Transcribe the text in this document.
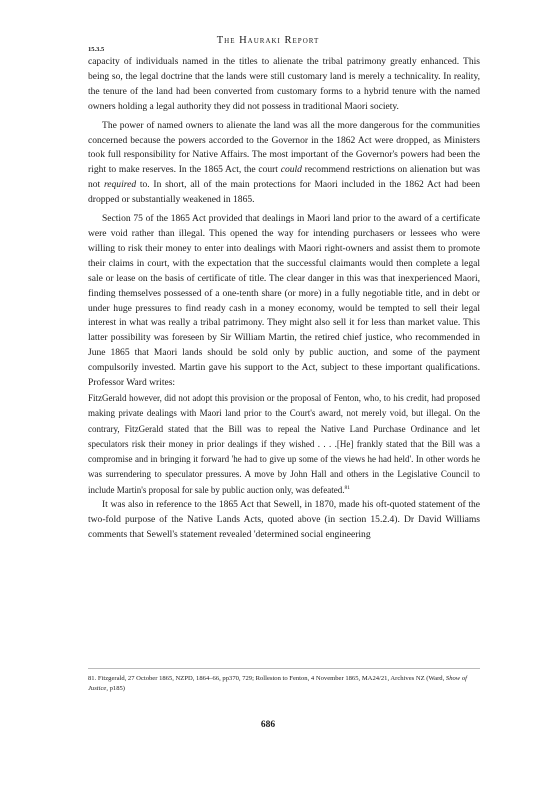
The Hauraki Report
15.3.5

capacity of individuals named in the titles to alienate the tribal patrimony greatly enhanced. This being so, the legal doctrine that the lands were still customary land is merely a technicality. In reality, the tenure of the land had been converted from customary forms to a hybrid tenure with the named owners holding a legal authority they did not possess in traditional Maori society.

The power of named owners to alienate the land was all the more dangerous for the communities concerned because the powers accorded to the Governor in the 1862 Act were dropped, as Ministers took full responsibility for Native Affairs. The most important of the Governor's powers had been the right to make reserves. In the 1865 Act, the court could recommend restrictions on alienation but was not required to. In short, all of the main protections for Maori included in the 1862 Act had been dropped or substantially weakened in 1865.

Section 75 of the 1865 Act provided that dealings in Maori land prior to the award of a certificate were void rather than illegal. This opened the way for intending purchasers or lessees who were willing to risk their money to enter into dealings with Maori right-owners and assist them to promote their claims in court, with the expectation that the successful claimants would then complete a legal sale or lease on the basis of certificate of title. The clear danger in this was that inexperienced Maori, finding themselves possessed of a one-tenth share (or more) in a fully negotiable title, and in debt or under huge pressures to find ready cash in a money economy, would be tempted to sell their legal interest in what was really a tribal patrimony. They might also sell it for less than market value. This latter possibility was foreseen by Sir William Martin, the retired chief justice, who recommended in June 1865 that Maori lands should be sold only by public auction, and some of the payment compulsorily invested. Martin gave his support to the Act, subject to these important qualifications. Professor Ward writes:

FitzGerald however, did not adopt this provision or the proposal of Fenton, who, to his credit, had proposed making private dealings with Maori land prior to the Court's award, not merely void, but illegal. On the contrary, FitzGerald stated that the Bill was to repeal the Native Land Purchase Ordinance and let speculators risk their money in prior dealings if they wished . . . .[He] frankly stated that the Bill was a compromise and in bringing it forward 'he had to give up some of the views he had held'. In other words he was surrendering to speculator pressures. A move by John Hall and others in the Legislative Council to include Martin's proposal for sale by public auction only, was defeated.$^{81}$

It was also in reference to the 1865 Act that Sewell, in 1870, made his oft-quoted statement of the two-fold purpose of the Native Lands Acts, quoted above (in section 15.2.4). Dr David Williams comments that Sewell's statement revealed 'determined social engineering

81. Fitzgerald, 27 October 1865, NZPD, 1864–66, pp370, 729; Rolleston to Fenton, 4 November 1865, MA24/21, Archives NZ (Ward, Show of Justice, p185)
686
